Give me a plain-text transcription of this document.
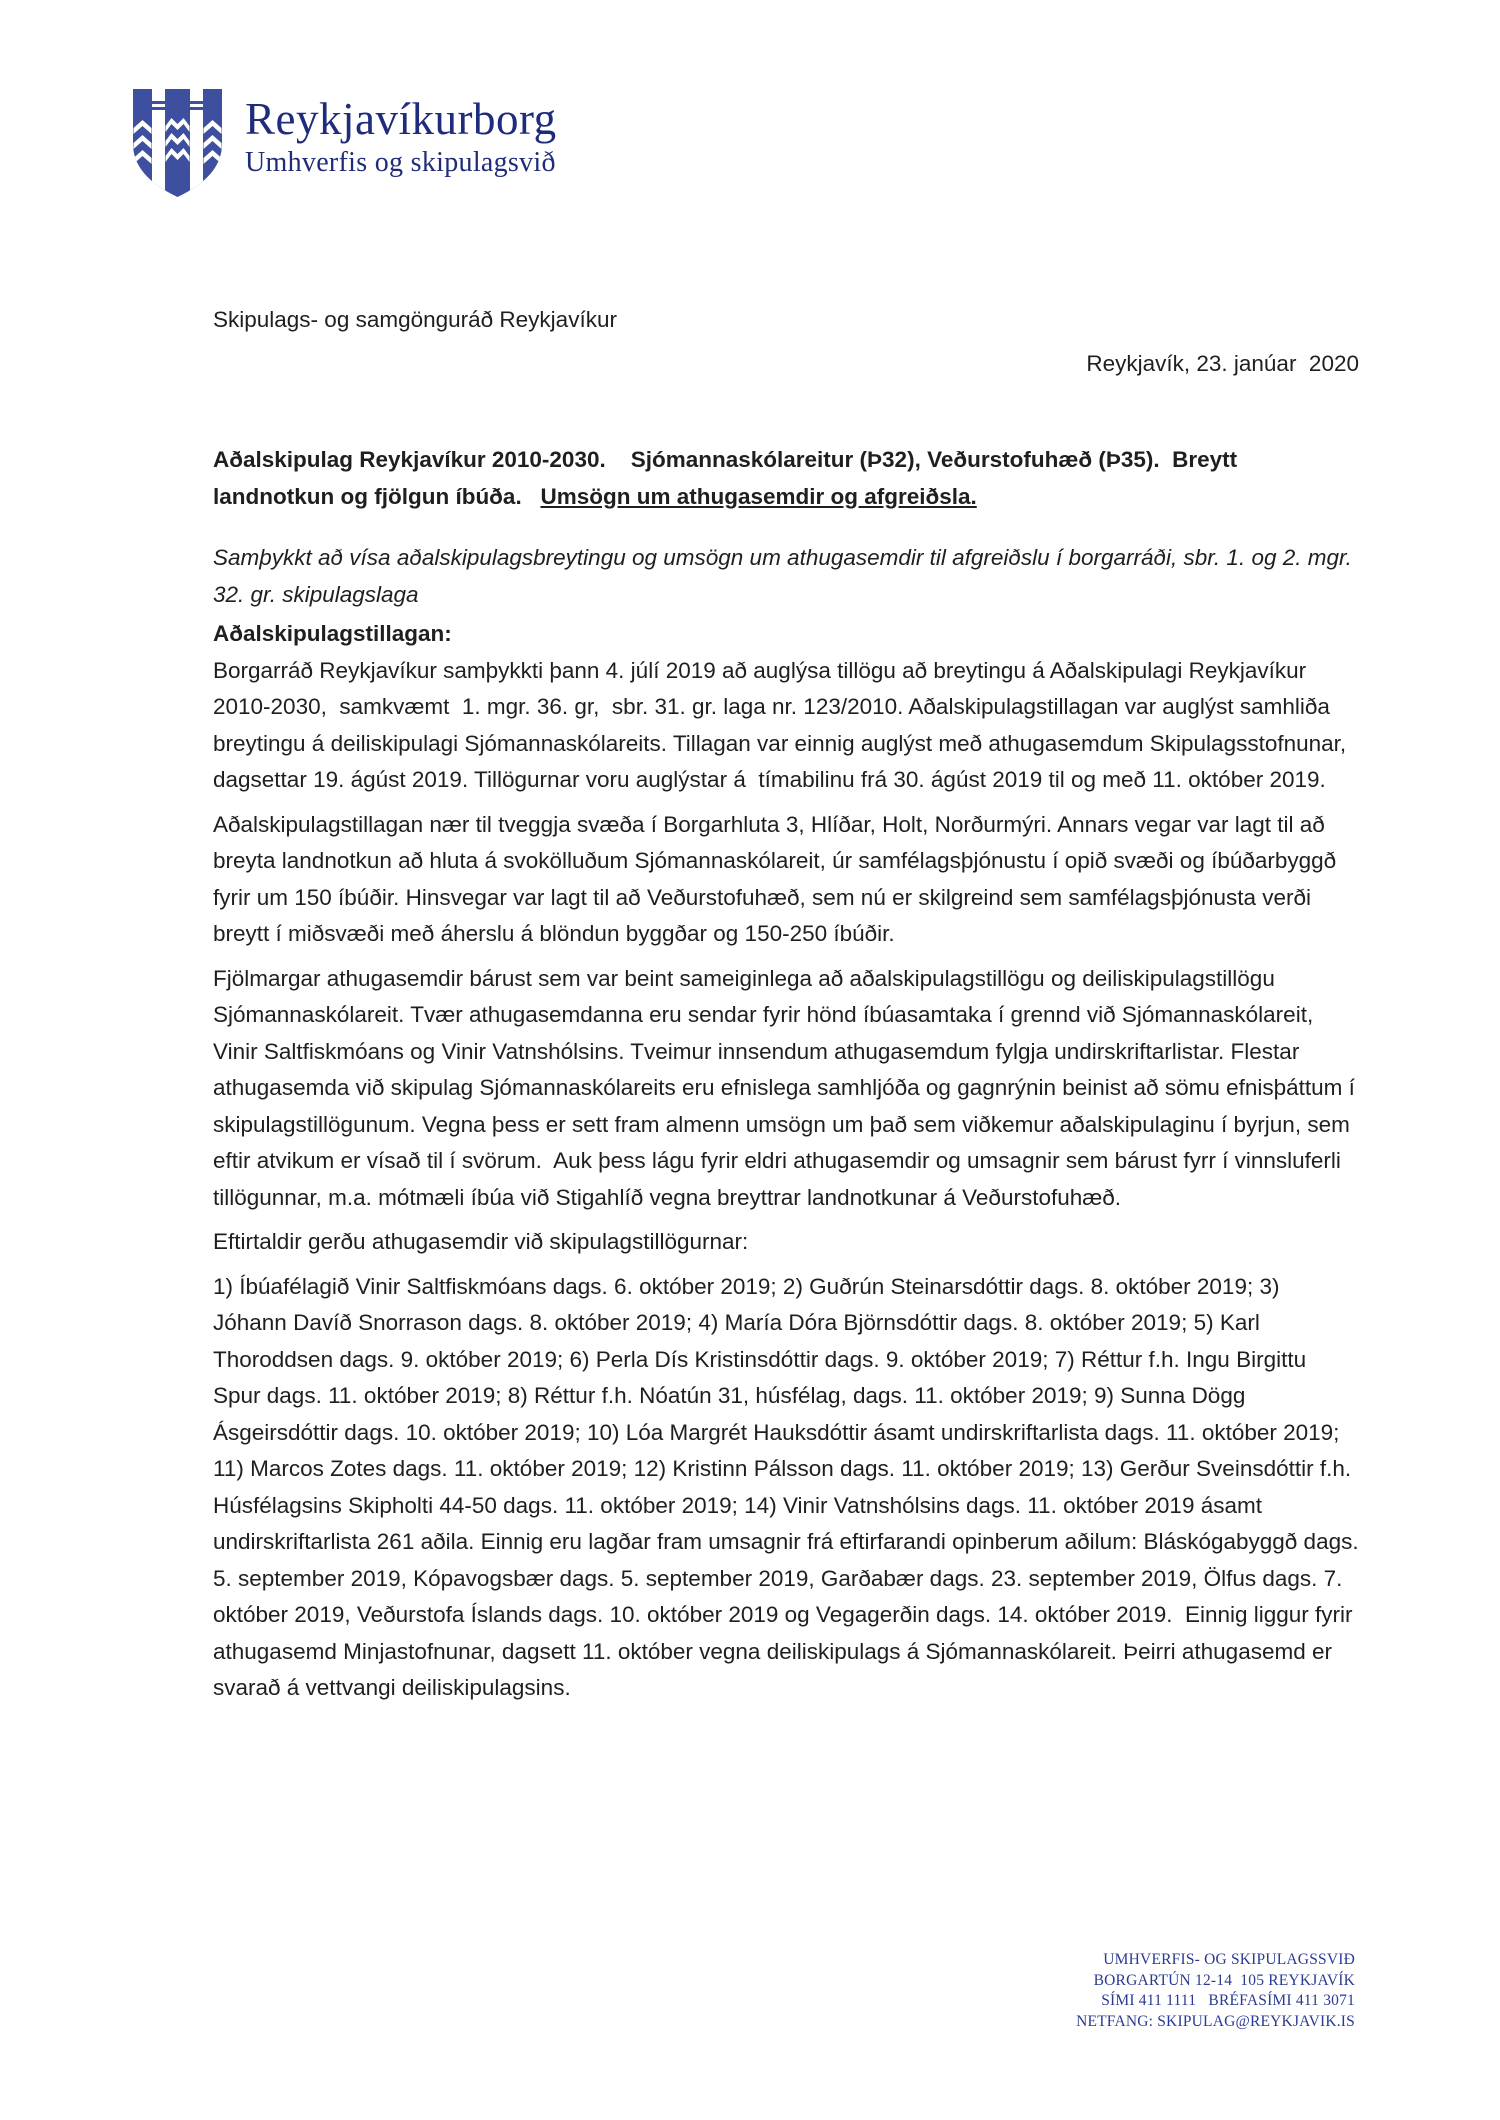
Reykjavíkurborg
Umhverfis og skipulagsvið
Skipulags- og samgönguráð Reykjavíkur
Reykjavík, 23. janúar  2020

Aðalskipulag Reykjavíkur 2010-2030.    Sjómannaskólareitur (Þ32), Veðurstofuhæð (Þ35).  Breytt landnotkun og fjölgun íbúða.   Umsögn um athugasemdir og afgreiðsla.

Samþykkt að vísa aðalskipulagsbreytingu og umsögn um athugasemdir til afgreiðslu í borgarráði, sbr. 1. og 2. mgr. 32. gr. skipulagslaga

Aðalskipulagstillagan:

Borgarráð Reykjavíkur samþykkti þann 4. júlí 2019 að auglýsa tillögu að breytingu á Aðalskipulagi Reykjavíkur 2010-2030,  samkvæmt  1. mgr. 36. gr,  sbr. 31. gr. laga nr. 123/2010. Aðalskipulagstillagan var auglýst samhliða breytingu á deiliskipulagi Sjómannaskólareits. Tillagan var einnig auglýst með athugasemdum Skipulagsstofnunar, dagsettar 19. ágúst 2019. Tillögurnar voru auglýstar á  tímabilinu frá 30. ágúst 2019 til og með 11. október 2019.

Aðalskipulagstillagan nær til tveggja svæða í Borgarhluta 3, Hlíðar, Holt, Norðurmýri. Annars vegar var lagt til að breyta landnotkun að hluta á svokölluðum Sjómannaskólareit, úr samfélagsþjónustu í opið svæði og íbúðarbyggð fyrir um 150 íbúðir. Hinsvegar var lagt til að Veðurstofuhæð, sem nú er skilgreind sem samfélagsþjónusta verði breytt í miðsvæði með áherslu á blöndun byggðar og 150-250 íbúðir.

Fjölmargar athugasemdir bárust sem var beint sameiginlega að aðalskipulagstillögu og deiliskipulagstillögu Sjómannaskólareit. Tvær athugasemdanna eru sendar fyrir hönd íbúasamtaka í grennd við Sjómannaskólareit, Vinir Saltfiskmóans og Vinir Vatnshólsins. Tveimur innsendum athugasemdum fylgja undirskriftarlistar. Flestar athugasemda við skipulag Sjómannaskólareits eru efnislega samhljóða og gagnrýnin beinist að sömu efnisþáttum í skipulagstillögunum. Vegna þess er sett fram almenn umsögn um það sem viðkemur aðalskipulaginu í byrjun, sem eftir atvikum er vísað til í svörum.  Auk þess lágu fyrir eldri athugasemdir og umsagnir sem bárust fyrr í vinnsluferli tillögunnar, m.a. mótmæli íbúa við Stigahlíð vegna breyttrar landnotkunar á Veðurstofuhæð.

Eftirtaldir gerðu athugasemdir við skipulagstillögurnar:

1) Íbúafélagið Vinir Saltfiskmóans dags. 6. október 2019; 2) Guðrún Steinarsdóttir dags. 8. október 2019; 3) Jóhann Davíð Snorrason dags. 8. október 2019; 4) María Dóra Björnsdóttir dags. 8. október 2019; 5) Karl Thoroddsen dags. 9. október 2019; 6) Perla Dís Kristinsdóttir dags. 9. október 2019; 7) Réttur f.h. Ingu Birgittu Spur dags. 11. október 2019; 8) Réttur f.h. Nóatún 31, húsfélag, dags. 11. október 2019; 9) Sunna Dögg Ásgeirsdóttir dags. 10. október 2019; 10) Lóa Margrét Hauksdóttir ásamt undirskriftarlista dags. 11. október 2019; 11) Marcos Zotes dags. 11. október 2019; 12) Kristinn Pálsson dags. 11. október 2019; 13) Gerður Sveinsdóttir f.h. Húsfélagsins Skipholti 44-50 dags. 11. október 2019; 14) Vinir Vatnshólsins dags. 11. október 2019 ásamt undirskriftarlista 261 aðila. Einnig eru lagðar fram umsagnir frá eftirfarandi opinberum aðilum: Bláskógabyggð dags. 5. september 2019, Kópavogsbær dags. 5. september 2019, Garðabær dags. 23. september 2019, Ölfus dags. 7. október 2019, Veðurstofa Íslands dags. 10. október 2019 og Vegagerðin dags. 14. október 2019.  Einnig liggur fyrir athugasemd Minjastofnunar, dagsett 11. október vegna deiliskipulags á Sjómannaskólareit. Þeirri athugasemd er svarað á vettvangi deiliskipulagsins.

UMHVERFIS- OG SKIPULAGSSVIÐ
BORGARTÚN 12-14  105 REYKJAVÍK
SÍMI 411 1111   BRÉFASÍMI 411 3071
NETFANG: SKIPULAG@REYKJAVIK.IS
